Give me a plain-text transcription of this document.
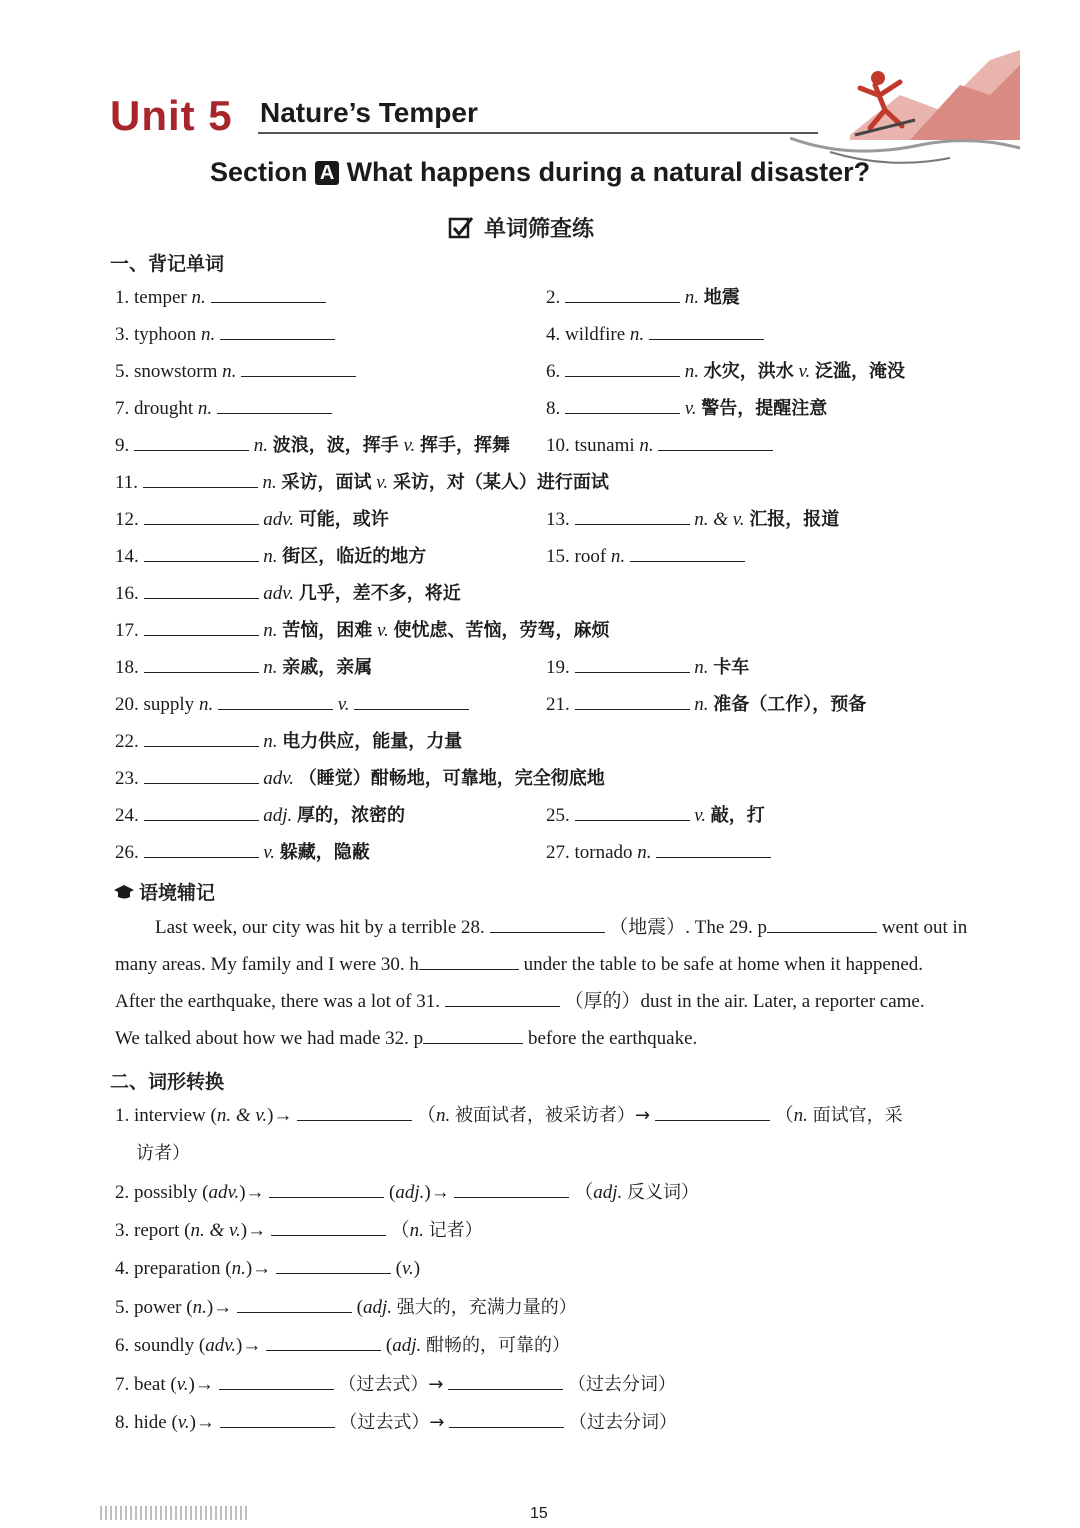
Unit 5 Nature’s Temper
Section A What happens during a natural disaster?
单词筛查练
一、背记单词
1. temper n.	2.	n. 地震
3. typhoon n.	4. wildfire n.
5. snowstorm n.	6.	n. 水灾，洪水 v. 泛滥，淹没
7. drought n.	8.	v. 警告，提醒注意
9.	n. 波浪，波，挥手 v. 挥手，挥舞 10. tsunami n.
11.	n. 采访，面试 v. 采访，对（某人）进行面试
12.	adv. 可能，或许	13.	n. & v. 汇报，报道
14.	n. 街区，临近的地方	15. roof n.
16.	adv. 几乎，差不多，将近
17.	n. 苦恼，困难 v. 使忧虑、苦恼，劳驾，麻烦
18.	n. 亲戚，亲属	19.	n. 卡车
20. supply n.	v.	21.	n. 准备（工作），预备
22.	n. 电力供应，能量，力量
23.	adv. （睡觉）酣畅地，可靠地，完全彻底地
24.	adj. 厚的，浓密的	25.	v. 敲，打
26.	v. 躲藏，隐蔽	27. tornado n.
语境辅记
Last week, our city was hit by a terrible 28.	（地震）. The 29. p	went out in
many areas. My family and I were 30. h	under the table to be safe at home when it happened.
After the earthquake, there was a lot of 31.	（厚的）dust in the air. Later, a reporter came.
We talked about how we had made 32. p	before the earthquake.
二、词形转换
1. interview (n. & v.)→	（n. 被面试者，被采访者）→	（n. 面试官，采
访者）
2. possibly (adv.)→	(adj.)→	（adj. 反义词）
3. report (n. & v.)→	（n. 记者）
4. preparation (n.)→	(v.)
5. power (n.)→	(adj. 强大的，充满力量的）
6. soundly (adv.)→	(adj. 酣畅的，可靠的）
7. beat (v.)→	（过去式）→	（过去分词）
8. hide (v.)→	（过去式）→	（过去分词）
15
